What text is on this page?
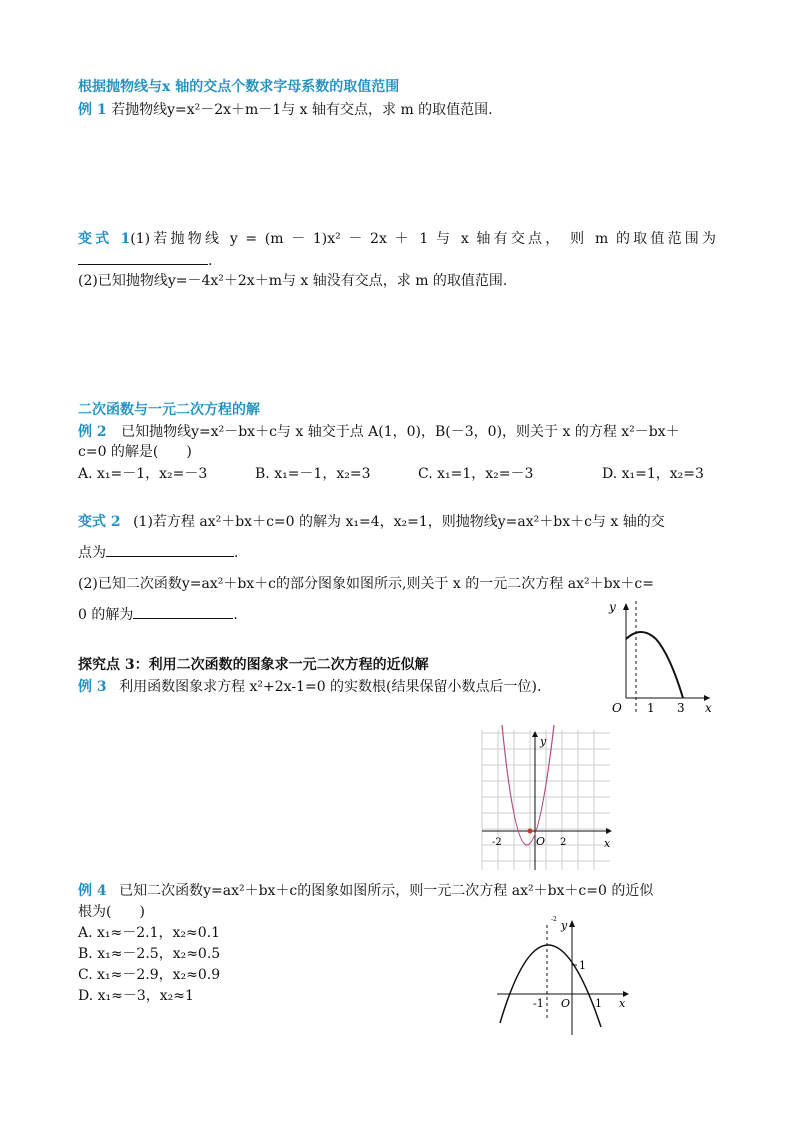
根据抛物线与x 轴的交点个数求字母系数的取值范围
例 1 若抛物线y=x²－2x＋m－1与 x 轴有交点，求 m 的取值范围.
变式 1(1)若抛物线 y = (m － 1)x² － 2x ＋ 1 与 x 轴有交点， 则 m 的取值范围为
.
(2)已知抛物线y=－4x²＋2x＋m与 x 轴没有交点，求 m 的取值范围.
二次函数与一元二次方程的解
例 2 已知抛物线y=x²－bx＋c与 x 轴交于点 A(1，0)，B(－3，0)，则关于 x 的方程 x²－bx＋
c=0 的解是(　　)
A. x₁=－1，x₂=－3	B. x₁=－1，x₂=3	C. x₁=1，x₂=－3	D. x₁=1，x₂=3
变式 2 (1)若方程 ax²＋bx＋c=0 的解为 x₁=4，x₂=1，则抛物线y=ax²＋bx＋c与 x 轴的交
点为	.
(2)已知二次函数y=ax²＋bx＋c的部分图象如图所示,则关于 x 的一元二次方程 ax²＋bx＋c=
0 的解为	.	y
x
O 1 3
探究点 3：利用二次函数的图象求一元二次方程的近似解
例 3 利用函数图象求方程 x²+2x-1=0 的实数根(结果保留小数点后一位).
y
x
O
-2	2
例 4 已知二次函数y=ax²＋bx＋c的图象如图所示，则一元二次方程 ax²＋bx＋c=0 的近似
根为(　　)
A. x₁≈－2.1，x₂≈0.1
B. x₁≈－2.5，x₂≈0.5
C. x₁≈－2.9，x₂≈0.9
D. x₁≈－3，x₂≈1
y
x
O
-1	1
1
-2
